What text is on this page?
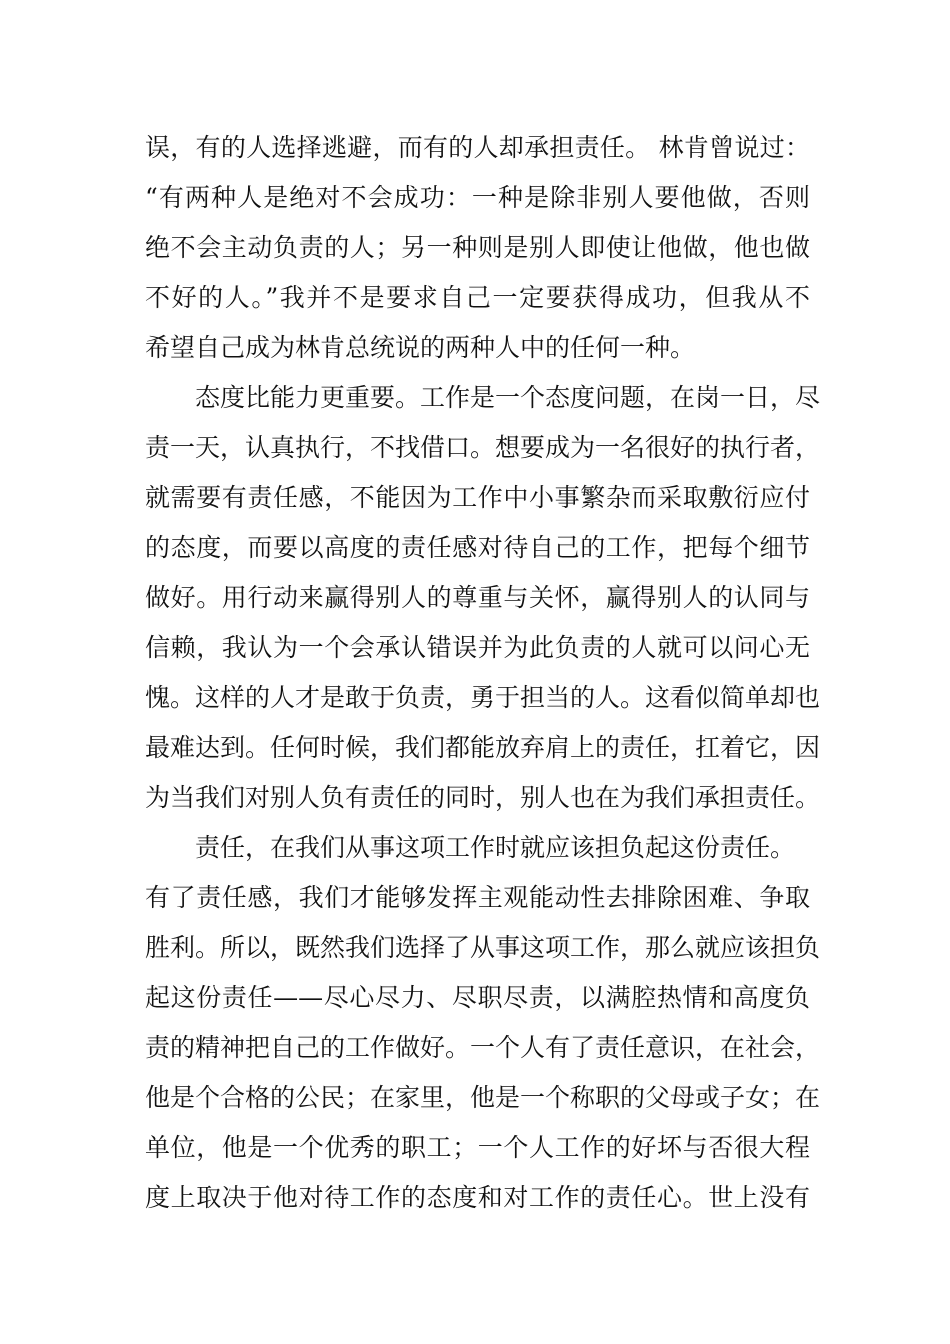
误，有的人选择逃避，而有的人却承担责任。 林肯曾说过：
“有两种人是绝对不会成功：一种是除非别人要他做，否则
绝不会主动负责的人；另一种则是别人即使让他做，他也做
不好的人。”我并不是要求自己一定要获得成功，但我从不
希望自己成为林肯总统说的两种人中的任何一种。
态度比能力更重要。工作是一个态度问题，在岗一日，尽
责一天，认真执行，不找借口。想要成为一名很好的执行者，
就需要有责任感，不能因为工作中小事繁杂而采取敷衍应付
的态度，而要以高度的责任感对待自己的工作，把每个细节
做好。用行动来赢得别人的尊重与关怀，赢得别人的认同与
信赖，我认为一个会承认错误并为此负责的人就可以问心无
愧。这样的人才是敢于负责，勇于担当的人。这看似简单却也
最难达到。任何时候，我们都能放弃肩上的责任，扛着它，因
为当我们对别人负有责任的同时，别人也在为我们承担责任。
责任，在我们从事这项工作时就应该担负起这份责任。
有了责任感，我们才能够发挥主观能动性去排除困难、争取
胜利。所以，既然我们选择了从事这项工作，那么就应该担负
起这份责任——尽心尽力、尽职尽责，以满腔热情和高度负
责的精神把自己的工作做好。一个人有了责任意识，在社会，
他是个合格的公民；在家里，他是一个称职的父母或子女；在
单位，他是一个优秀的职工；一个人工作的好坏与否很大程
度上取决于他对待工作的态度和对工作的责任心。世上没有
